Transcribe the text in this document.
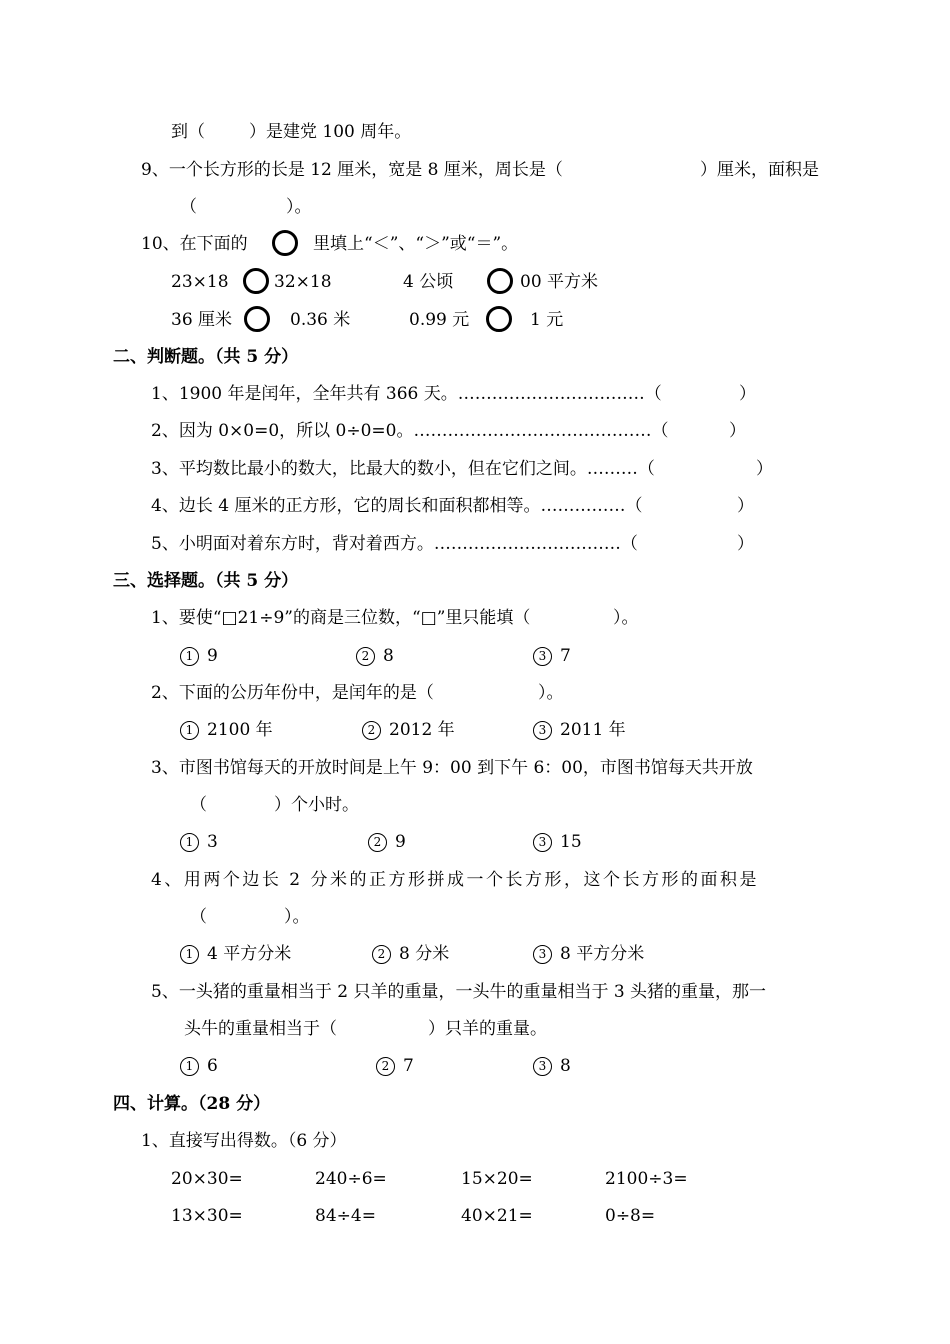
到（	）是建党 100 周年。
9、一个长方形的长是 12 厘米，宽是 8 厘米，周长是（	）厘米，面积是
（	）。
10、在下面的	里填上“＜”、“＞”或“＝”。
23×18	32×18	4 公顷	00 平方米
36 厘米	0.36 米	0.99 元	1 元
二、判断题。（共 5 分）
1、1900 年是闰年，全年共有 366 天。……………………………（	）
2、因为 0×0=0，所以 0÷0=0。……………………………………（	）
3、平均数比最小的数大，比最大的数小，但在它们之间。………（	）
4、边长 4 厘米的正方形，它的周长和面积都相等。……………（	）
5、小明面对着东方时，背对着西方。……………………………（	）
三、选择题。（共 5 分）
1、要使“□21÷9”的商是三位数，“□”里只能填（	）。
1 9	2 8	3 7
2、下面的公历年份中，是闰年的是（	）。
1 2100 年	2 2012 年	3 2011 年
3、市图书馆每天的开放时间是上午 9：00 到下午 6：00，市图书馆每天共开放
（	）个小时。
1 3	2 9	3 15
4、用两个边长 2 分米的正方形拼成一个长方形，这个长方形的面积是
（	）。
1 4 平方分米	2 8 分米	3 8 平方分米
5、一头猪的重量相当于 2 只羊的重量，一头牛的重量相当于 3 头猪的重量，那一
头牛的重量相当于（	）只羊的重量。
1 6	2 7	3 8
四、计算。（28 分）
1、直接写出得数。（6 分）
20×30=	240÷6=	15×20=	2100÷3=
13×30=	84÷4=	40×21=	0÷8=
